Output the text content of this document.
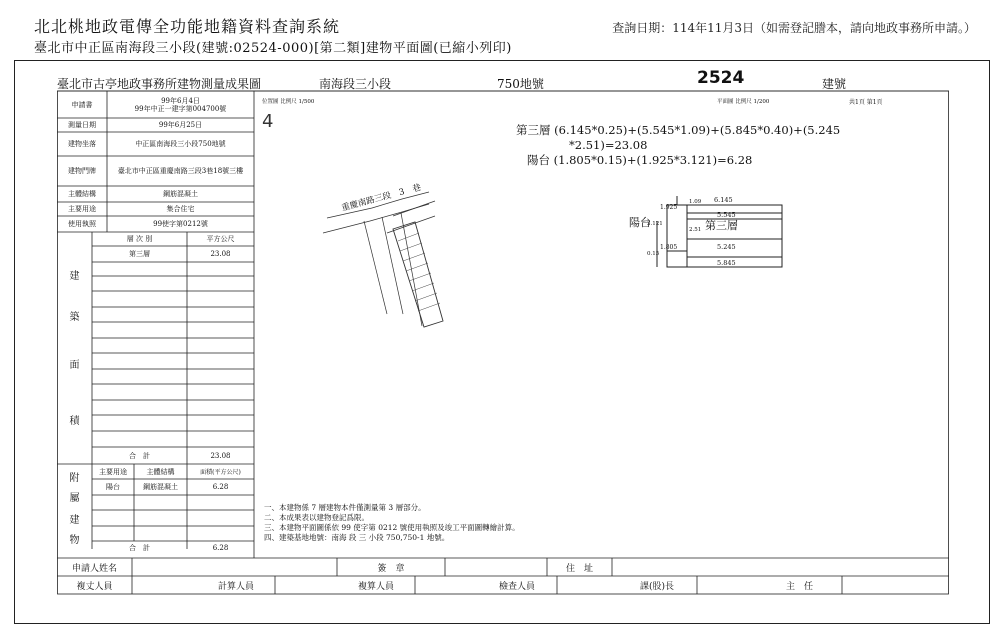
北北桃地政電傳全功能地籍資料查詢系統
臺北市中正區南海段三小段(建號:02524-000)[第二類]建物平面圖(已縮小列印)
查詢日期：114年11月3日（如需登記謄本，請向地政事務所申請。）
臺北市古亭地政事務所建物測量成果圖	南海段三小段	750地號	2524	建號
申請書	99年6月4日
99年中正一建字第004700號
測量日期	99年6月25日
建物坐落	中正區南海段三小段750地號
建物門牌	臺北市中正區重慶南路三段3巷18號三樓
主體結構	鋼筋混凝土
主要用途	集合住宅
使用執照	99使字第0212號
層 次 別	平方公尺
第三層	23.08
建
築
面
積
合　計	23.08
附
屬
建
物
主要用途	主體結構	面積(平方公尺)
陽台	鋼筋混凝土	6.28
合　計	6.28
位置圖 比例尺 1/500	平面圖 比例尺 1/200	共1頁 第1頁
4
重慶南路三段　3　巷
第三層 (6.145*0.25)+(5.545*1.09)+(5.845*0.40)+(5.245
*2.51)=23.08
陽台 (1.805*0.15)+(1.925*3.121)=6.28
第三層
陽台
6.145
5.545
5.245
5.845
1.925
1.805
1.09
2.51
0.15
3.121
一、本建物係 7 層建物本件僅測量第 3 層部分。
二、本成果表以建物登記爲限。
三、本建物平面圖係依 99 使字第 0212 號使用執照及竣工平面圖轉繪計算。
四、建築基地地號：南海 段 三 小段 750,750-1 地號。
申請人姓名	簽　章	住　址
複丈人員	計算人員	複算人員	檢查人員	課(股)長	主　任
